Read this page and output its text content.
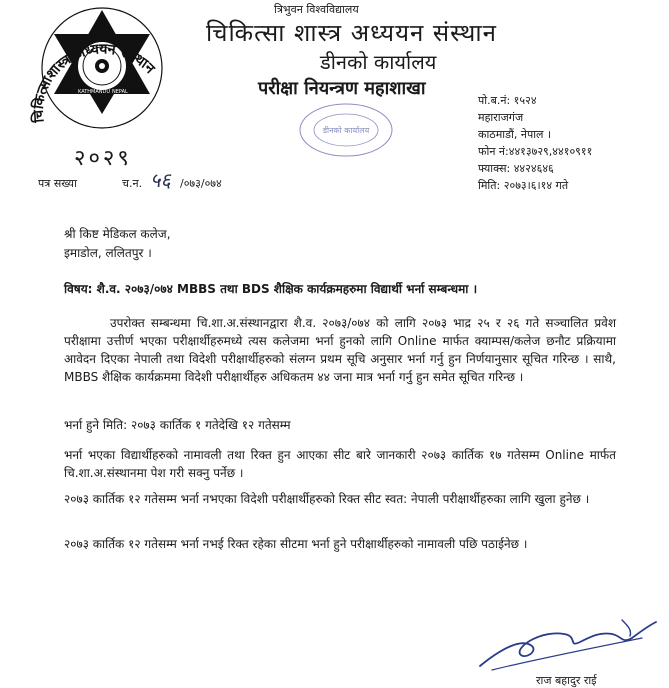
चिकित्साशास्त्र अध्ययन संस्थान
KATHMANDU NEPAL
त्रिभुवन विश्वविद्यालय
चिकित्सा शास्त्र अध्ययन संस्थान
डीनको कार्यालय
परीक्षा नियन्त्रण महाशाखा
डीनको कार्यालय
पो.ब.नं: १५२४
महाराजगंज
काठमाडौं, नेपाल ।
फोन नं:४४१३७२९,४४१०९११
फ्याक्स: ४४२४६४६
मिति: २०७३।६।१४ गते
२०२९
पत्र सख्या	च.न. ५६ /०७३/०७४
श्री किष्ट मेडिकल कलेज,
इमाडोल, ललितपुर ।
विषय: शै.व. २०७३/०७४ MBBS तथा BDS शैक्षिक कार्यक्रमहरुमा विद्यार्थी भर्ना सम्बन्धमा ।
उपरोक्त सम्बन्धमा चि.शा.अ.संस्थानद्वारा शै.व. २०७३/०७४ को लागि २०७३ भाद्र २५ र २६ गते सञ्चालित प्रवेश परीक्षामा उत्तीर्ण भएका परीक्षार्थीहरुमध्ये त्यस कलेजमा भर्ना हुनको लागि Online मार्फत क्याम्पस/कलेज छनौट प्रक्रियामा आवेदन दिएका नेपाली तथा विदेशी परीक्षार्थीहरुको संलग्न प्रथम सूचि अनुसार भर्ना गर्नु हुन निर्णयानुसार सूचित गरिन्छ । साथै, MBBS शैक्षिक कार्यक्रममा विदेशी परीक्षार्थीहरु अधिकतम ४४ जना मात्र भर्ना गर्नु हुन समेत सूचित गरिन्छ ।
भर्ना हुने मिति: २०७३ कार्तिक १ गतेदेखि १२ गतेसम्म
भर्ना भएका विद्यार्थीहरुको नामावली तथा रिक्त हुन आएका सीट बारे जानकारी २०७३ कार्तिक १७ गतेसम्म Online मार्फत चि.शा.अ.संस्थानमा पेश गरी सक्नु पर्नेछ ।
२०७३ कार्तिक १२ गतेसम्म भर्ना नभएका विदेशी परीक्षार्थीहरुको रिक्त सीट स्वत: नेपाली परीक्षार्थीहरुका लागि खुला हुनेछ ।
२०७३ कार्तिक १२ गतेसम्म भर्ना नभई रिक्त रहेका सीटमा भर्ना हुने परीक्षार्थीहरुको नामावली पछि पठाईनेछ ।
राज बहादुर राई
